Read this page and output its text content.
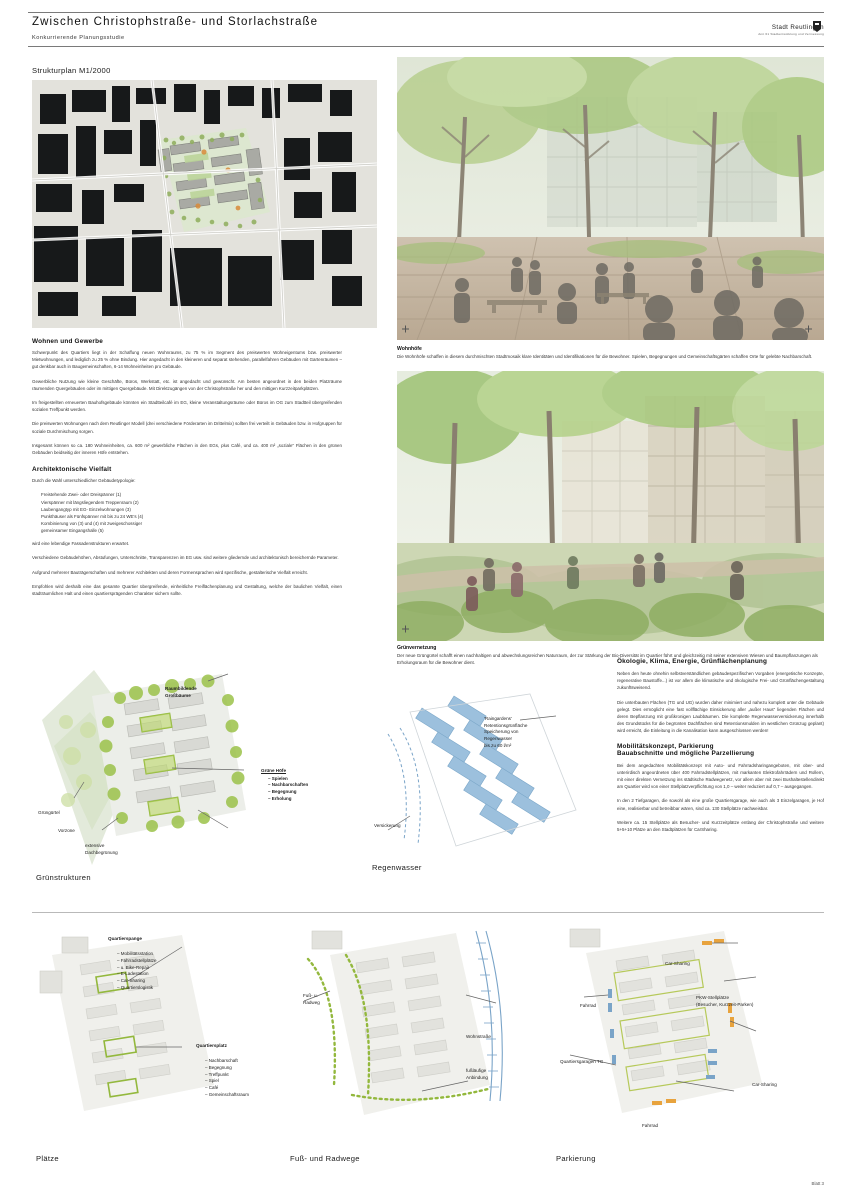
Zwischen Christophstraße- und Storlachstraße
Konkurrierende Planungsstudie
Stadt Reutlingen
Amt 61 Stadtentwicklung und Vermessung
Strukturplan M1/2000
Wohnen und Gewerbe

Schwerpunkt des Quartiers liegt in der Schaffung neuen Wohnraums, zu 75 % im Segment des preiswerten Wohneigentums bzw. preiswerter Mietwohnungen, und lediglich zu 25 % ohne Bindung. Hier angedacht in den kleineren und separat stehenden, parallelfahren Gebäuden mit Gartenräumen – gut denkbar auch in Baugemeinschaften, 6-14 Wohneinheiten pro Gebäude.

Gewerbliche Nutzung wie kleine Geschäfte, Büros, Werkstatt, etc. ist angedacht und gewünscht. Am besten angeordnet in den beiden Platzräume räumenden Quergebäuden oder im mittigen Quergebäude. Mit Direktzugängen von der Christophstraße her und den mittigen Kurzzeitparkplätzen.

Im freigestellten erneuerten Bauhofsgebäude könnten ein Stadtteilcafé im EG, kleine Veranstaltungsräume oder Büros im OG zum Stadtteil übergreifenden sozialen Treffpunkt werden.

Die preiswerten Wohnungen nach dem Reutlinger Modell (drei verschiedene Förderarten im Drittelmix) sollten frei verteilt in Gebäuden bzw. in Hofgruppen für soziale Durchmischung sorgen.

Insgesamt können so ca. 180 Wohneinheiten, ca. 600 m² gewerbliche Flächen in den EGs, plus Café, und ca. 400 m² „soziale“ Flächen in den grünen Gebäuden beidseitig der inneren Höfe entstehen.

Architektonische Vielfalt

Durch die Wahl unterschiedlicher Gebäudetypologie:

Freistehende Zwei- oder Dreispänner (1)
Vierspänner mit längsliegendem Treppenraum (2)
Laubengangtyp mit EG- Einzelwohnungen (3)
Punkthäuser als Fünfspänner mit bis zu 24 WE's (4)
Kombinierung von (3) und (4) mit zweigeschossiger
gemeinsamer Eingangshalle (5)

wird eine lebendige Fassadenstrukturen erwartet.

Verschiedene Gebäudehöhen, Abstufungen, Unterschnitte, Transparenzen im EG usw. sind weitere gliedernde und architektonisch bereichernde Parameter.

Aufgrund mehrerer Bauträgerschaften und mehrerer Architekten und deren Formensprachen wird spezifische, gestalterische Vielfalt erreicht.

Empfohlen wird deshalb eine das gesamte Quartier übergreifende, einheitliche Freiflächenplanung und Gestaltung, welche der baulichen Vielfalt, einen stadträumlichen Halt und einen quartiersprägenden Charakter sichern sollte.

Wohnhöfe
Die Wohnhöfe schaffen in diesem durchmischten Stadtmosaik klare Identitäten und Identifikationen für die Bewohner. Spielen, Begegnungen und Gemeinschaftsgärten schaffen Orte für gelebte Nachbarschaft.
Grünvernetzung
Der neue Grüngürtel schafft einen nachhaltigen und abwechslungsreichen Naturraum, der zur Stärkung der Bio-Diversität im Quartier führt und gleichzeitig mit seiner extensiven Wiesen und Baumpflanzungen als Erholungsraum für die Bewohner dient.
Raumbildende
Großbäume
Grüne Höfe
– Spielen
– Nachbarschaften
– Begegnung
– Erholung
Grüngürtel
Vorzone
extensive
Dachbegrünung
Grünstrukturen
'Raingardens'
Retentionsgrünfläche
Speicherung von
Regenwasser
bis zu 60 l/m²
Versickerung
Regenwasser
Ökologie, Klima, Energie, Grünflächenplanung

Neben den heute ohnehin selbstverständlichen gebäudespezifischen Vorgaben (energetische Konzepte, regenerative Baustoffe...) ist vor allem die klimatische und ökologische Frei- und Grünflächengestaltung zukunftsweisend.

Die unterbauten Flächen (TG und UG) wurden daher minimiert und nahezu komplett unter die Gebäude gelegt. Dies ermöglicht eine fast vollflächige Einsickerung aller „außer Haus“ liegenden Flächen und deren Bepflanzung mit großkronigen Laubbäumen. Die komplette Regenwasserversickerung innerhalb des Grundstücks für die begrünten Dachflächen sind Retentionsmulden im westlichen Grünzug geplant) wird erreicht, die Einleitung in die Kanalisation kann ausgeschlossen werden!

Mobilitätskonzept, Parkierung
Bauabschnitte und mögliche Parzellierung

Bei dem angedachten Mobilitätskonzept mit Auto- und Fahrradsharingangeboten, mit ober- und unterirdisch angeordneten über 400 Fahrradstellplätzen, mit markanten Elektrofahrrädern und Rollern, mit einer direkten Vernetzung ins städtische Radwegenetz, vor allem aber mit zwei Bushaltestellendirekt am Quartier wird von einer Stellplatzverpflichtung von 1,0 – weiter reduziert auf 0,7 – ausgegangen.

In den 2 Tiefgaragen, die sowohl als eine große Quartiersgarage, wie auch als 3 Einzelgaragen, je Hof eine, realisierbar und betreibbar wären, sind ca. 130 Stellplätze nachweisbar.

Weitere ca. 15 Stellplätze als Besucher- und Kurzzeitplätze entlang der Christophstraße und weitere 5+5+10 Plätze an den Stadtplätzen für CarSharing.

Quartierspange
– Mobilitätsstation
– Fahrradstellplätze
– u. Bike-Repair
– E-Ladestation
– Car-Sharing
– Quartierslogistik
Quartiersplatz
– Nachbarschaft
– Begegnung
– Treffpunkt
– Spiel
– Café
– Gemeinschaftsraum
Plätze
Fuß- u.
Radweg
Wohnstraße
fußläufige
Anbindung
Fuß- und Radwege
Car-Sharing
Fahrrad
PKW-Stellplätze
(Besucher, Kurzzeit-Parken)
Quartiersgaragen TG
Car-Sharing
Fahrrad
Parkierung
Blatt 3
